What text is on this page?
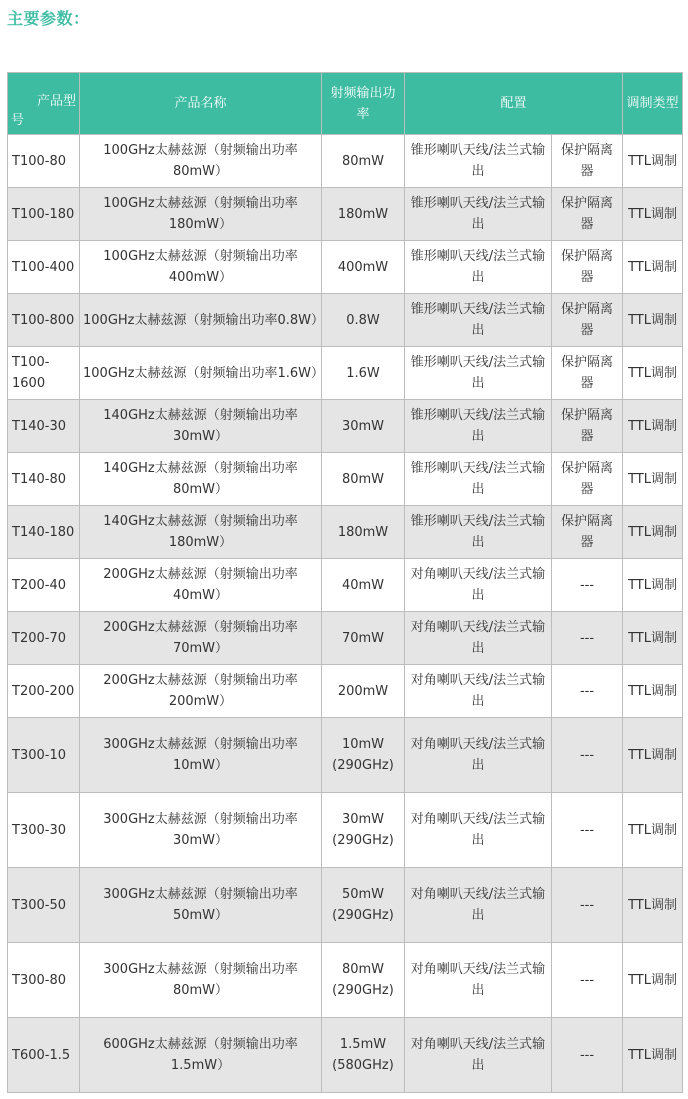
主要参数：
产品型
号	产品名称	射频输出功率	配置		调制类型
T100-80	100GHz太赫兹源（射频输出功率80mW）	80mW	锥形喇叭天线/法兰式输出	保护隔离器	TTL调制
T100-180	100GHz太赫兹源（射频输出功率180mW）	180mW	锥形喇叭天线/法兰式输出	保护隔离器	TTL调制
T100-400	100GHz太赫兹源（射频输出功率400mW）	400mW	锥形喇叭天线/法兰式输出	保护隔离器	TTL调制
T100-800	100GHz太赫兹源（射频输出功率0.8W）	0.8W	锥形喇叭天线/法兰式输出	保护隔离器	TTL调制
T100-1600	100GHz太赫兹源（射频输出功率1.6W）	1.6W	锥形喇叭天线/法兰式输出	保护隔离器	TTL调制
T140-30	140GHz太赫兹源（射频输出功率30mW）	30mW	锥形喇叭天线/法兰式输出	保护隔离器	TTL调制
T140-80	140GHz太赫兹源（射频输出功率80mW）	80mW	锥形喇叭天线/法兰式输出	保护隔离器	TTL调制
T140-180	140GHz太赫兹源（射频输出功率180mW）	180mW	锥形喇叭天线/法兰式输出	保护隔离器	TTL调制
T200-40	200GHz太赫兹源（射频输出功率40mW）	40mW	对角喇叭天线/法兰式输出	---	TTL调制
T200-70	200GHz太赫兹源（射频输出功率70mW）	70mW	对角喇叭天线/法兰式输出	---	TTL调制
T200-200	200GHz太赫兹源（射频输出功率200mW）	200mW	对角喇叭天线/法兰式输出	---	TTL调制
T300-10	300GHz太赫兹源（射频输出功率10mW）	10mW (290GHz)	对角喇叭天线/法兰式输出	---	TTL调制
T300-30	300GHz太赫兹源（射频输出功率30mW）	30mW (290GHz)	对角喇叭天线/法兰式输出	---	TTL调制
T300-50	300GHz太赫兹源（射频输出功率50mW）	50mW (290GHz)	对角喇叭天线/法兰式输出	---	TTL调制
T300-80	300GHz太赫兹源（射频输出功率80mW）	80mW (290GHz)	对角喇叭天线/法兰式输出	---	TTL调制
T600-1.5	600GHz太赫兹源（射频输出功率1.5mW）	1.5mW (580GHz)	对角喇叭天线/法兰式输出	---	TTL调制
